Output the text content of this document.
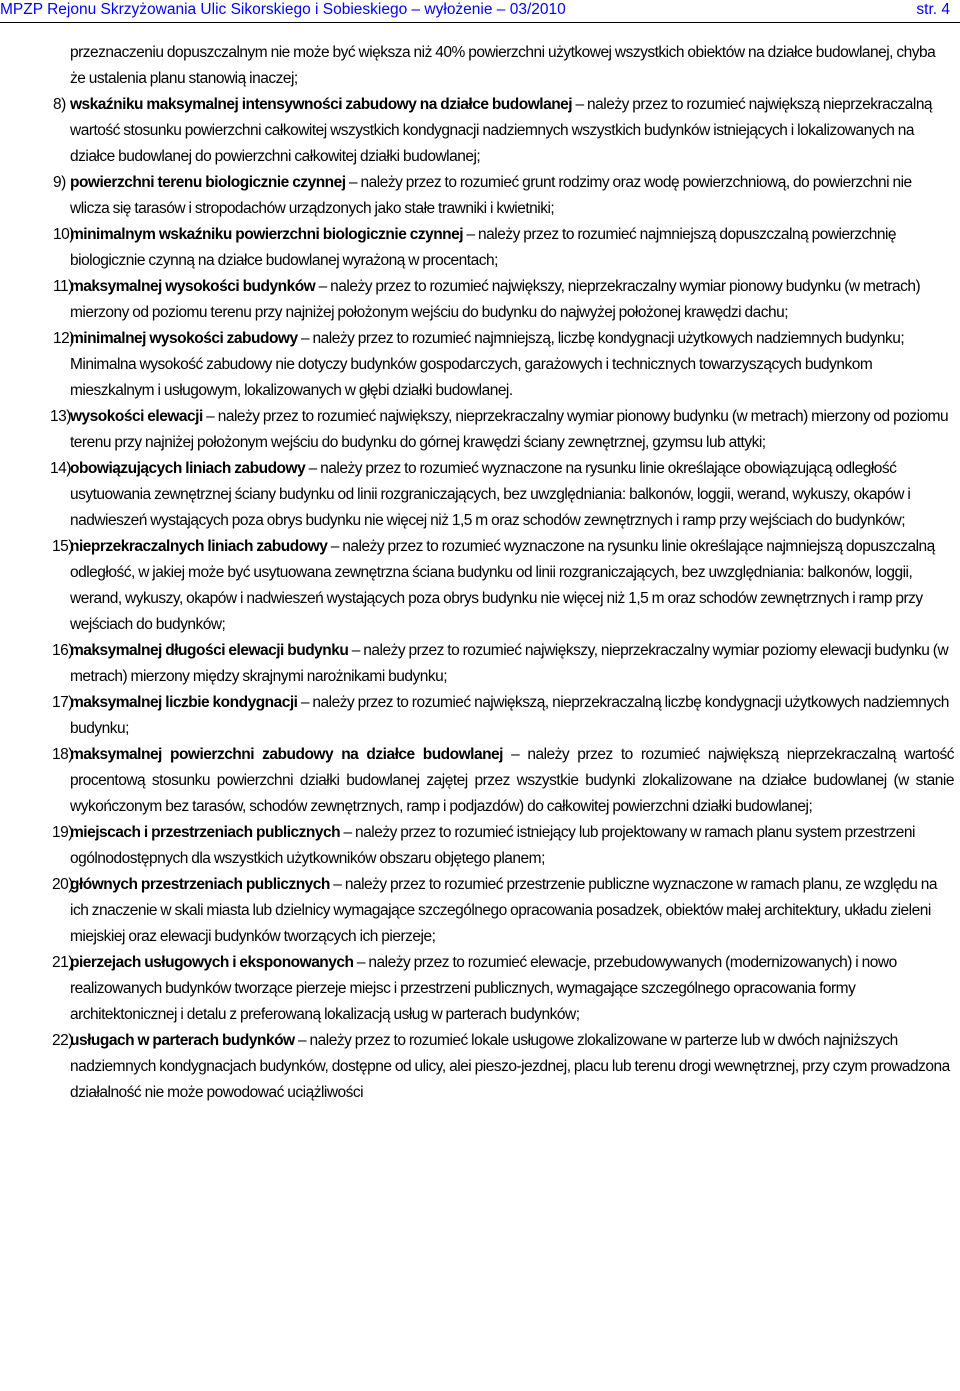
MPZP Rejonu Skrzyżowania Ulic Sikorskiego i Sobieskiego – wyłożenie – 03/2010	str. 4

przeznaczeniu dopuszczalnym nie może być większa niż 40% powierzchni użytkowej wszystkich obiektów na działce budowlanej, chyba że ustalenia planu stanowią inaczej;

8) wskaźniku maksymalnej intensywności zabudowy na działce budowlanej – należy przez to rozumieć największą nieprzekraczalną wartość stosunku powierzchni całkowitej wszystkich kondygnacji nadziemnych wszystkich budynków istniejących i lokalizowanych na działce budowlanej do powierzchni całkowitej działki budowlanej;
9) powierzchni terenu biologicznie czynnej – należy przez to rozumieć grunt rodzimy oraz wodę powierzchniową, do powierzchni nie wlicza się tarasów i stropodachów urządzonych jako stałe trawniki i kwietniki;
10)
minimalnym wskaźniku powierzchni biologicznie czynnej – należy przez to rozumieć najmniejszą dopuszczalną powierzchnię biologicznie czynną na działce budowlanej wyrażoną w procentach;
11)
maksymalnej wysokości budynków – należy przez to rozumieć największy, nieprzekraczalny wymiar pionowy budynku (w metrach) mierzony od poziomu terenu przy najniżej położonym wejściu do budynku do najwyżej położonej krawędzi dachu;
12)
minimalnej wysokości zabudowy – należy przez to rozumieć najmniejszą, liczbę kondygnacji użytkowych nadziemnych budynku; Minimalna wysokość zabudowy nie dotyczy budynków gospodarczych, garażowych i technicznych towarzyszących budynkom mieszkalnym i usługowym, lokalizowanych w głębi działki budowlanej.
13) wysokości elewacji – należy przez to rozumieć największy, nieprzekraczalny wymiar pionowy budynku (w metrach) mierzony od poziomu terenu przy najniżej położonym wejściu do budynku do górnej krawędzi ściany zewnętrznej, gzymsu lub attyki;
14) obowiązujących liniach zabudowy – należy przez to rozumieć wyznaczone na rysunku linie określające obowiązującą odległość usytuowania zewnętrznej ściany budynku od linii rozgraniczających, bez uwzględniania: balkonów, loggii, werand, wykuszy, okapów i nadwieszeń wystających poza obrys budynku nie więcej niż 1,5 m oraz schodów zewnętrznych i ramp przy wejściach do budynków;
15)
nieprzekraczalnych liniach zabudowy – należy przez to rozumieć wyznaczone na rysunku linie określające najmniejszą dopuszczalną odległość, w jakiej może być usytuowana zewnętrzna ściana budynku od linii rozgraniczających, bez uwzględniania: balkonów, loggii, werand, wykuszy, okapów i nadwieszeń wystających poza obrys budynku nie więcej niż 1,5 m oraz schodów zewnętrznych i ramp przy wejściach do budynków;
16)
maksymalnej długości elewacji budynku – należy przez to rozumieć największy, nieprzekraczalny wymiar poziomy elewacji budynku (w metrach) mierzony między skrajnymi narożnikami budynku;
17)
maksymalnej liczbie kondygnacji – należy przez to rozumieć największą, nieprzekraczalną liczbę kondygnacji użytkowych nadziemnych budynku;
18)
maksymalnej powierzchni zabudowy na działce budowlanej – należy przez to rozumieć największą nieprzekraczalną wartość procentową stosunku powierzchni działki budowlanej zajętej przez wszystkie budynki zlokalizowane na działce budowlanej (w stanie wykończonym bez tarasów, schodów zewnętrznych, ramp i podjazdów) do całkowitej powierzchni działki budowlanej;
19)
miejscach i przestrzeniach publicznych – należy przez to rozumieć istniejący lub projektowany w ramach planu system przestrzeni ogólnodostępnych dla wszystkich użytkowników obszaru objętego planem;
20)
głównych przestrzeniach publicznych – należy przez to rozumieć przestrzenie publiczne wyznaczone w ramach planu, ze względu na ich znaczenie w skali miasta lub dzielnicy wymagające szczególnego opracowania posadzek, obiektów małej architektury, układu zieleni miejskiej oraz elewacji budynków tworzących ich pierzeje;
21)
pierzejach usługowych i eksponowanych – należy przez to rozumieć elewacje, przebudowywanych (modernizowanych) i nowo realizowanych budynków tworzące pierzeje miejsc i przestrzeni publicznych, wymagające szczególnego opracowania formy architektonicznej i detalu z preferowaną lokalizacją usług w parterach budynków;
22)
usługach w parterach budynków – należy przez to rozumieć lokale usługowe zlokalizowane w parterze lub w dwóch najniższych nadziemnych kondygnacjach budynków, dostępne od ulicy, alei pieszo-jezdnej, placu lub terenu drogi wewnętrznej, przy czym prowadzona działalność nie może powodować uciążliwości
